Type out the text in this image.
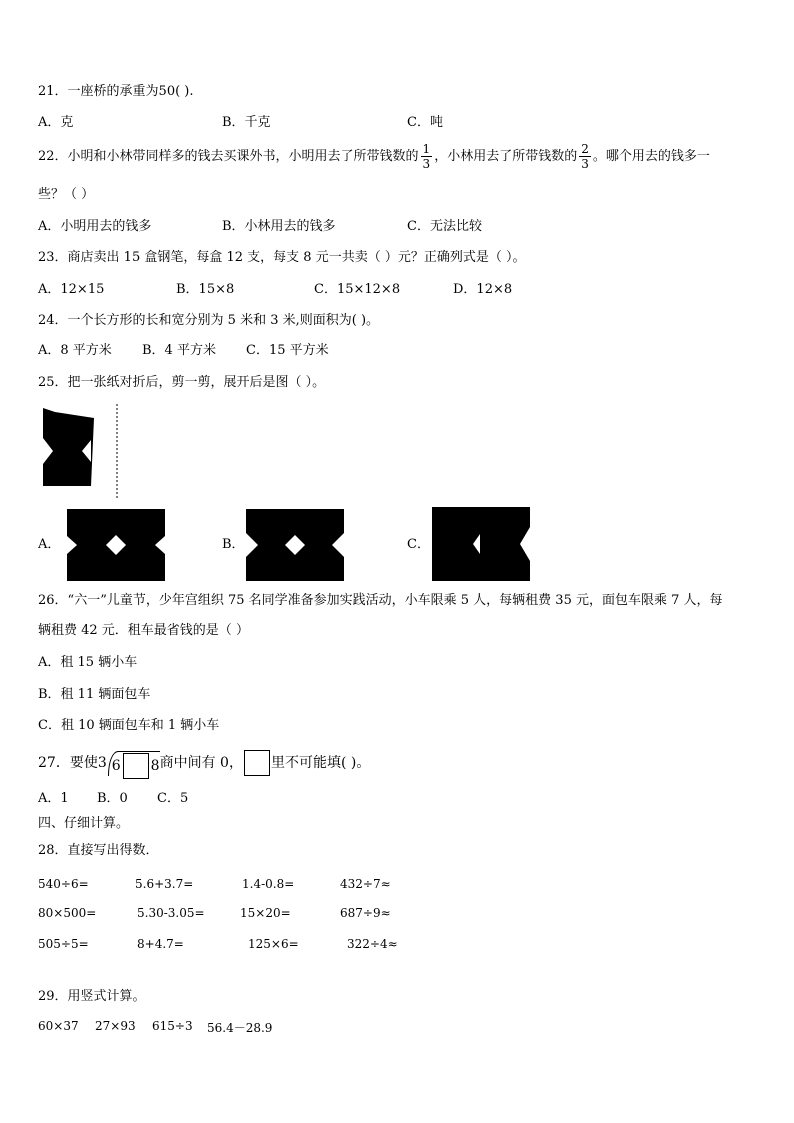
21．一座桥的承重为50( ).
A．克	B．千克	C．吨
22．小明和小林带同样多的钱去买课外书，小明用去了所带钱数的 $\frac{1}{3}$ ，小林用去了所带钱数的 $\frac{2}{3}$ 。哪个用去的钱多一
些？（ ）
A．小明用去的钱多	B．小林用去的钱多	C．无法比较
23．商店卖出 15 盒钢笔，每盒 12 支，每支 8 元一共卖（ ）元？正确列式是（ ）。
A．12×15	B．15×8	C．15×12×8	D．12×8
24．一个长方形的长和宽分别为 5 米和 3 米,则面积为( )。
A．8 平方米 B．4 平方米 C．15 平方米
25．把一张纸对折后，剪一剪，展开后是图（ ）。
A．	B．	C．
26．“六一”儿童节，少年宫组织 75 名同学准备参加实践活动，小车限乘 5 人，每辆租费 35 元，面包车限乘 7 人，每
辆租费 42 元．租车最省钱的是（ ）
A．租 15 辆小车
B．租 11 辆面包车
C．租 10 辆面包车和 1 辆小车
27．要使 3 6 8 商中间有 0， 里不可能填( )。
A．1 B．0 C．5
四、仔细计算。
28．直接写出得数．
540÷6=	5.6+3.7=	1.4-0.8=	432÷7≈
80×500=	5.30-3.05=	15×20=	687÷9≈
505÷5=	8+4.7=	125×6=	322÷4≈
29．用竖式计算。
60×37 27×93 615÷3 56.4－28.9
